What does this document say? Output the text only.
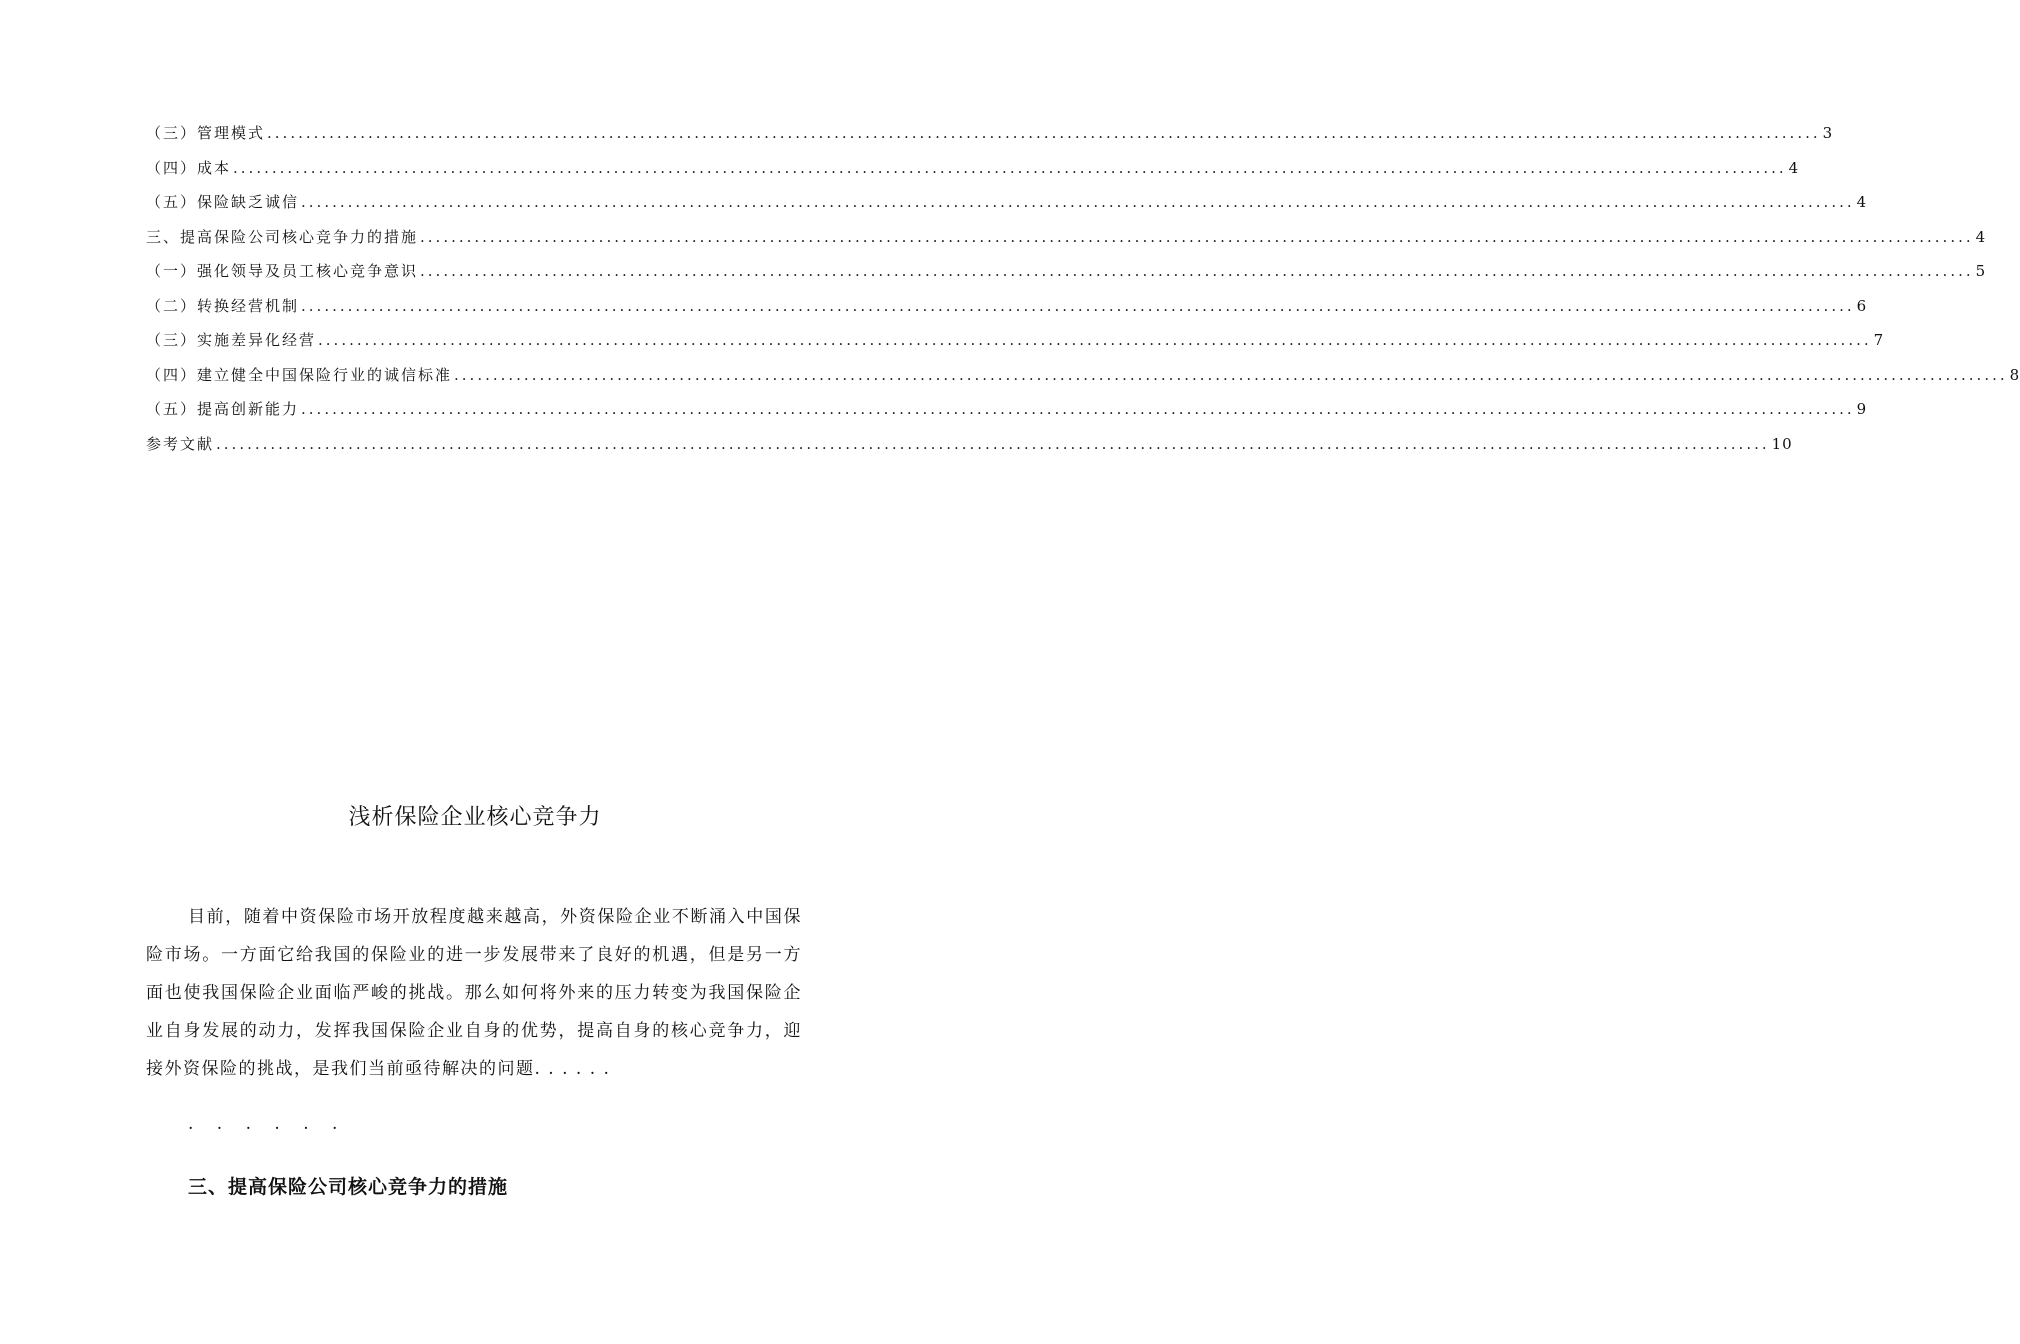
（三）管理模式 ........................................................................................................................................................................................................ 3
（四）成本 ........................................................................................................................................................................................................ 4
（五）保险缺乏诚信 ........................................................................................................................................................................................................ 4
三、提高保险公司核心竞争力的措施 ........................................................................................................................................................................................................ 4
（一）强化领导及员工核心竞争意识 ........................................................................................................................................................................................................ 5
（二）转换经营机制 ........................................................................................................................................................................................................ 6
（三）实施差异化经营 ........................................................................................................................................................................................................ 7
（四）建立健全中国保险行业的诚信标准 ........................................................................................................................................................................................................ 8
（五）提高创新能力 ........................................................................................................................................................................................................ 9
参考文献 ........................................................................................................................................................................................................ 10
浅析保险企业核心竞争力

目前，随着中资保险市场开放程度越来越高，外资保险企业不断涌入中国保险市场。一方面它给我国的保险业的进一步发展带来了良好的机遇，但是另一方面也使我国保险企业面临严峻的挑战。那么如何将外来的压力转变为我国保险企业自身发展的动力，发挥我国保险企业自身的优势，提高自身的核心竞争力，迎接外资保险的挑战，是我们当前亟待解决的问题. . . . . .

. . . . . .
三、提高保险公司核心竞争力的措施
